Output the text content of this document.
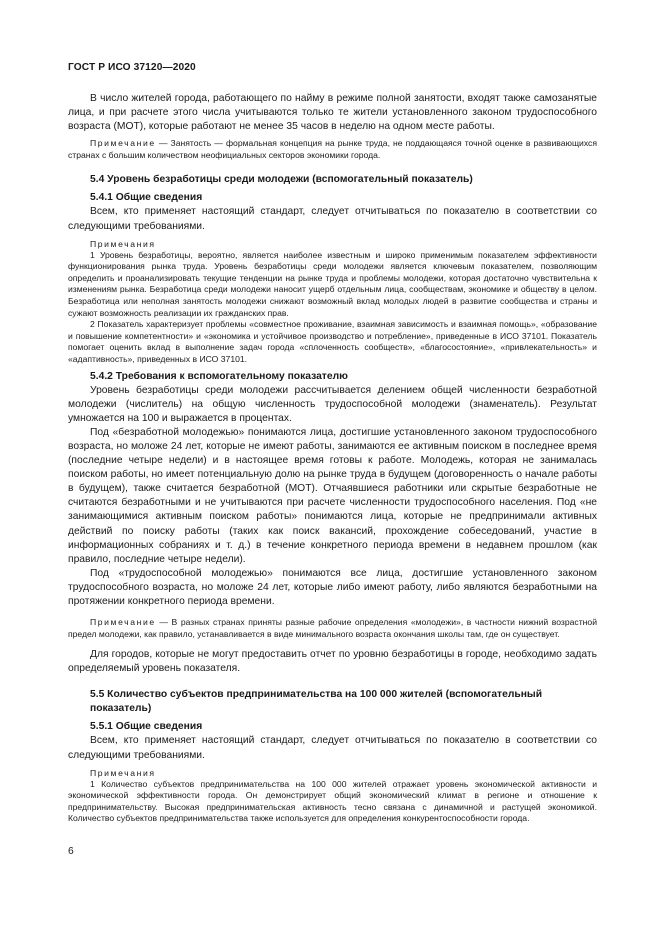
ГОСТ Р ИСО 37120—2020

В число жителей города, работающего по найму в режиме полной занятости, входят также самозанятые лица, и при расчете этого числа учитываются только те жители установленного законом трудоспособного возраста (МОТ), которые работают не менее 35 часов в неделю на одном месте работы.

Примечание — Занятость — формальная концепция на рынке труда, не поддающаяся точной оценке в развивающихся странах с большим количеством неофициальных секторов экономики города.

5.4 Уровень безработицы среди молодежи (вспомогательный показатель)

5.4.1 Общие сведения

Всем, кто применяет настоящий стандарт, следует отчитываться по показателю в соответствии со следующими требованиями.

Примечания

1 Уровень безработицы, вероятно, является наиболее известным и широко применимым показателем эффективности функционирования рынка труда. Уровень безработицы среди молодежи является ключевым показателем, позволяющим определить и проанализировать текущие тенденции на рынке труда и проблемы молодежи, которая достаточно чувствительна к изменениям рынка. Безработица среди молодежи наносит ущерб отдельным лица, сообществам, экономике и обществу в целом. Безработица или неполная занятость молодежи снижают возможный вклад молодых людей в развитие сообщества и страны и сужают возможность реализации их гражданских прав.

2 Показатель характеризует проблемы «совместное проживание, взаимная зависимость и взаимная помощь», «образование и повышение компетентности» и «экономика и устойчивое производство и потребление», приведенные в ИСО 37101. Показатель помогает оценить вклад в выполнение задач города «сплоченность сообществ», «благосостояние», «привлекательность» и «адаптивность», приведенных в ИСО 37101.

5.4.2 Требования к вспомогательному показателю

Уровень безработицы среди молодежи рассчитывается делением общей численности безработной молодежи (числитель) на общую численность трудоспособной молодежи (знаменатель). Результат умножается на 100 и выражается в процентах.

Под «безработной молодежью» понимаются лица, достигшие установленного законом трудоспособного возраста, но моложе 24 лет, которые не имеют работы, занимаются ее активным поиском в последнее время (последние четыре недели) и в настоящее время готовы к работе. Молодежь, которая не занималась поиском работы, но имеет потенциальную долю на рынке труда в будущем (договоренность о начале работы в будущем), также считается безработной (МОТ). Отчаявшиеся работники или скрытые безработные не считаются безработными и не учитываются при расчете численности трудоспособного населения. Под «не занимающимися активным поиском работы» понимаются лица, которые не предпринимали активных действий по поиску работы (таких как поиск вакансий, прохождение собеседований, участие в информационных собраниях и т. д.) в течение конкретного периода времени в недавнем прошлом (как правило, последние четыре недели).

Под «трудоспособной молодежью» понимаются все лица, достигшие установленного законом трудоспособного возраста, но моложе 24 лет, которые либо имеют работу, либо являются безработными на протяжении конкретного периода времени.

Примечание — В разных странах приняты разные рабочие определения «молодежи», в частности нижний возрастной предел молодежи, как правило, устанавливается в виде минимального возраста окончания школы там, где он существует.

Для городов, которые не могут предоставить отчет по уровню безработицы в городе, необходимо задать определяемый уровень показателя.

5.5 Количество субъектов предпринимательства на 100 000 жителей (вспомогательный показатель)

5.5.1 Общие сведения

Всем, кто применяет настоящий стандарт, следует отчитываться по показателю в соответствии со следующими требованиями.

Примечания

1 Количество субъектов предпринимательства на 100 000 жителей отражает уровень экономической активности и экономической эффективности города. Он демонстрирует общий экономический климат в регионе и отношение к предпринимательству. Высокая предпринимательская активность тесно связана с динамичной и растущей экономикой. Количество субъектов предпринимательства также используется для определения конкурентоспособности города.

6
